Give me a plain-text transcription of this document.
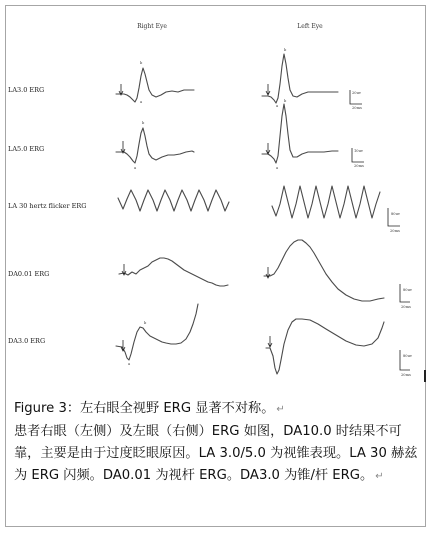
Right Eye	Left Eye
LA3.0 ERG
LA5.0 ERG
LA 30 hertz flicker ERG
DA0.01 ERG
DA3.0 ERG
a
b
a
b
20uv
20ms
a
b
a
b
10uv
20ms
80uv
20ms
80uv
20ms
a
b
80uv
20ms

Figure 3：左右眼全视野 ERG 显著不对称。 ↵

患者右眼（左侧）及左眼（右侧）ERG 如图，DA10.0 时结果不可靠，主要是由于过度眨眼原因。LA 3.0/5.0 为视锥表现。LA 30 赫兹为 ERG 闪频。DA0.01 为视杆 ERG。DA3.0 为锥/杆 ERG。 ↵
